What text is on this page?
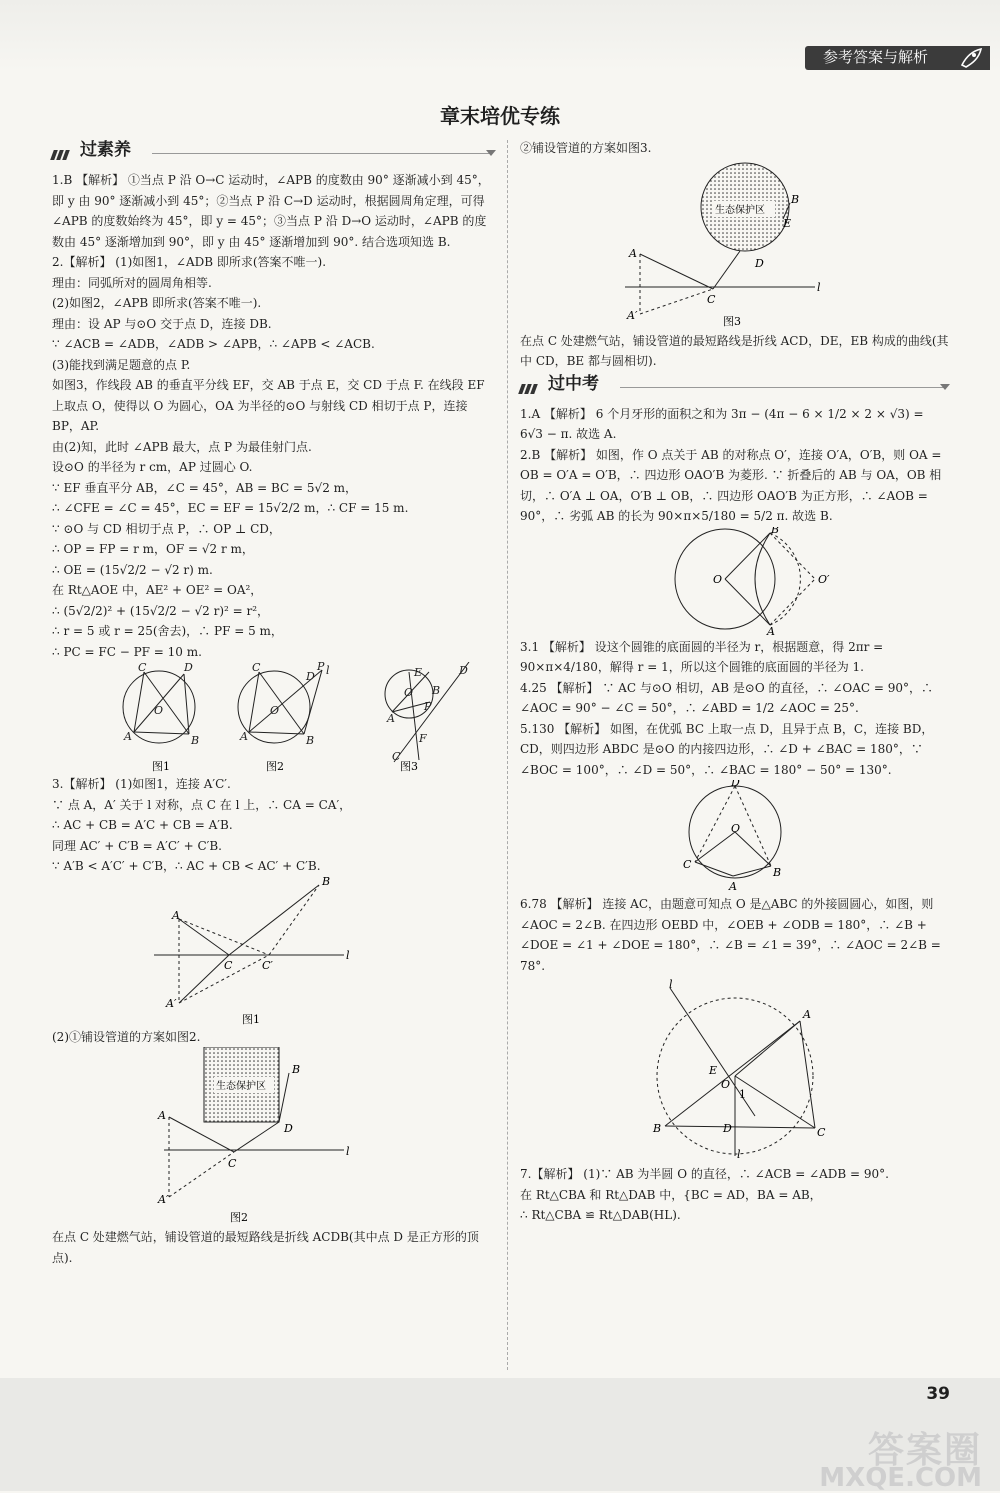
参考答案与解析
章末培优专练
过素养

1.B 【解析】 ①当点 P 沿 O→C 运动时，∠APB 的度数由 90° 逐渐减小到 45°，即 y 由 90° 逐渐减小到 45°；②当点 P 沿 C→D 运动时，根据圆周角定理，可得 ∠APB 的度数始终为 45°，即 y = 45°；③当点 P 沿 D→O 运动时，∠APB 的度数由 45° 逐渐增加到 90°，即 y 由 45° 逐渐增加到 90°. 结合选项知选 B.

2.【解析】 (1)如图1，∠ADB 即所求(答案不唯一).

理由：同弧所对的圆周角相等.

(2)如图2，∠APB 即所求(答案不唯一).

理由：设 AP 与⊙O 交于点 D，连接 DB.

∵ ∠ACB = ∠ADB，∠ADB > ∠APB，∴ ∠APB < ∠ACB.

(3)能找到满足题意的点 P.

如图3，作线段 AB 的垂直平分线 EF，交 AB 于点 E，交 CD 于点 F. 在线段 EF 上取点 O，使得以 O 为圆心，OA 为半径的⊙O 与射线 CD 相切于点 P，连接 BP，AP.

由(2)知，此时 ∠APB 最大，点 P 为最佳射门点.

设⊙O 的半径为 r cm，AP 过圆心 O.

∵ EF 垂直平分 AB，∠C = 45°，AB = BC = 5√2 m，

∴ ∠CFE = ∠C = 45°，EC = EF = 15√2/2 m，∴ CF = 15 m.

∵ ⊙O 与 CD 相切于点 P，∴ OP ⊥ CD，

∴ OP = FP = r m，OF = √2 r m，

∴ OE = (15√2/2 − √2 r) m.

在 Rt△AOE 中，AE² + OE² = OA²，

∴ (5√2/2)² + (15√2/2 − √2 r)² = r²，

∴ r = 5 或 r = 25(舍去)，∴ PF = 5 m，

∴ PC = FC − PF = 10 m.

C	D
A	B
O
C	P l
D
A	B
O
A
B
E
O
P
F
C
D
图1	图2	图3

3.【解析】 (1)如图1，连接 A′C′.

∵ 点 A，A′ 关于 l 对称，点 C 在 l 上，∴ CA = CA′，

∴ AC + CB = A′C + CB = A′B.

同理 AC′ + C′B = A′C′ + C′B.

∵ A′B < A′C′ + C′B，∴ AC + CB < AC′ + C′B.

A
B
C	C′
l
A′
图1

(2)①铺设管道的方案如图2.

生态保护区
A
B
D
C
l
A′
图2

在点 C 处建燃气站，铺设管道的最短路线是折线 ACDB(其中点 D 是正方形的顶点).

②铺设管道的方案如图3.

生态保护区
A
B
E
D
C
l
A′	图3

在点 C 处建燃气站，铺设管道的最短路线是折线 ACD，DE，EB 构成的曲线(其中 CD，BE 都与圆相切).

过中考

1.A 【解析】 6 个月牙形的面积之和为 3π − (4π − 6 × 1/2 × 2 × √3) = 6√3 − π. 故选 A.

2.B 【解析】 如图，作 O 点关于 AB 的对称点 O′，连接 O′A，O′B，则 OA = OB = O′A = O′B，∴ 四边形 OAO′B 为菱形. ∵ 折叠后的 AB 与 OA，OB 相切，∴ O′A ⊥ OA，O′B ⊥ OB，∴ 四边形 OAO′B 为正方形，∴ ∠AOB = 90°，∴ 劣弧 AB 的长为 90×π×5/180 = 5/2 π. 故选 B.

O	O′
B
A

3.1 【解析】 设这个圆锥的底面圆的半径为 r，根据题意，得 2πr = 90×π×4/180，解得 r = 1，所以这个圆锥的底面圆的半径为 1.

4.25 【解析】 ∵ AC 与⊙O 相切，AB 是⊙O 的直径，∴ ∠OAC = 90°，∴ ∠AOC = 90° − ∠C = 50°，∴ ∠ABD = 1/2 ∠AOC = 25°.

5.130 【解析】 如图，在优弧 BC 上取一点 D，且异于点 B，C，连接 BD，CD，则四边形 ABDC 是⊙O 的内接四边形，∴ ∠D + ∠BAC = 180°，∵ ∠BOC = 100°，∴ ∠D = 50°，∴ ∠BAC = 180° − 50° = 130°.

D
O
C
B
A

6.78 【解析】 连接 AC，由题意可知点 O 是△ABC 的外接圆圆心，如图，则 ∠AOC = 2∠B. 在四边形 OEBD 中，∠OEB + ∠ODB = 180°，∴ ∠B + ∠DOE = ∠1 + ∠DOE = 180°，∴ ∠B = ∠1 = 39°，∴ ∠AOC = 2∠B = 78°.

l
A
E
O
1
B	C
D
l

7.【解析】 (1)∵ AB 为半圆 O 的直径，∴ ∠ACB = ∠ADB = 90°.

在 Rt△CBA 和 Rt△DAB 中，{BC = AD，BA = AB，

∴ Rt△CBA ≌ Rt△DAB(HL).

答案圈
MXQE.COM
39
